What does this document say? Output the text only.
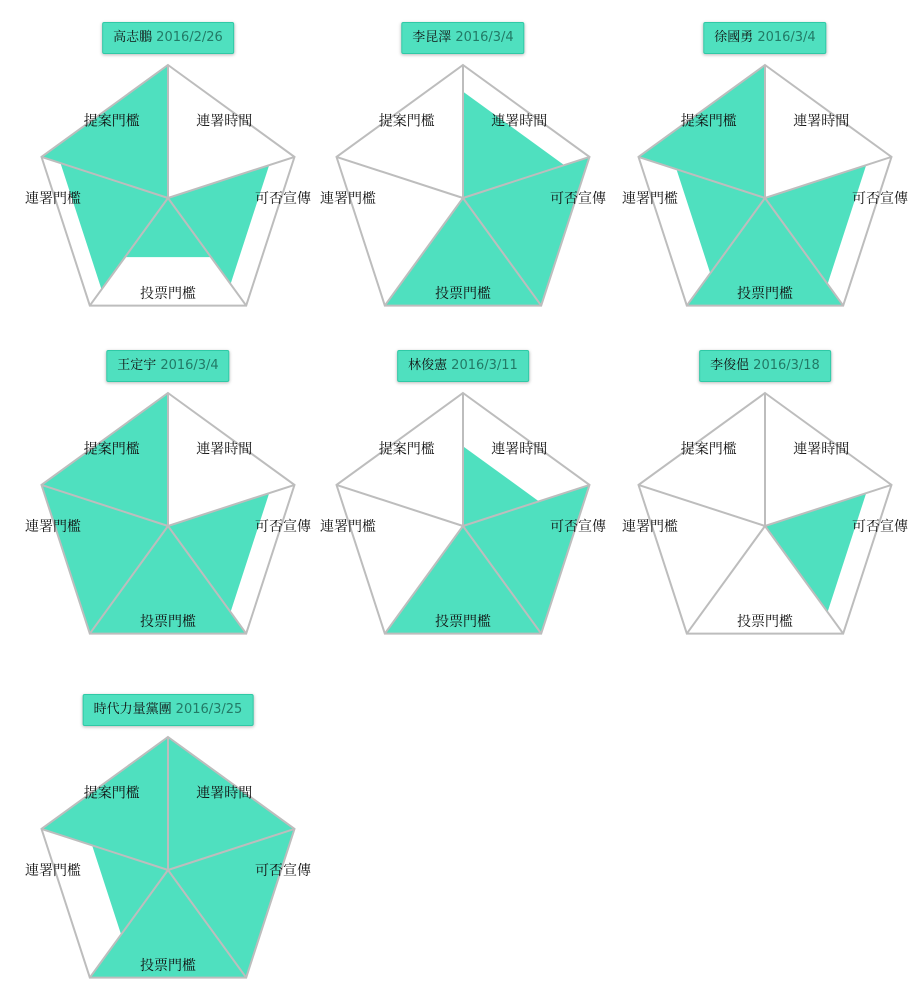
高志鵬 2016/2/26
連署時間
可否宣傳
投票門檻
連署門檻
提案門檻
李昆澤 2016/3/4
連署時間
可否宣傳
投票門檻
連署門檻
提案門檻
徐國勇 2016/3/4
連署時間
可否宣傳
投票門檻
連署門檻
提案門檻
王定宇 2016/3/4
連署時間
可否宣傳
投票門檻
連署門檻
提案門檻
林俊憲 2016/3/11
連署時間
可否宣傳
投票門檻
連署門檻
提案門檻
李俊俋 2016/3/18
連署時間
可否宣傳
投票門檻
連署門檻
提案門檻
時代力量黨團 2016/3/25
連署時間
可否宣傳
投票門檻
連署門檻
提案門檻
